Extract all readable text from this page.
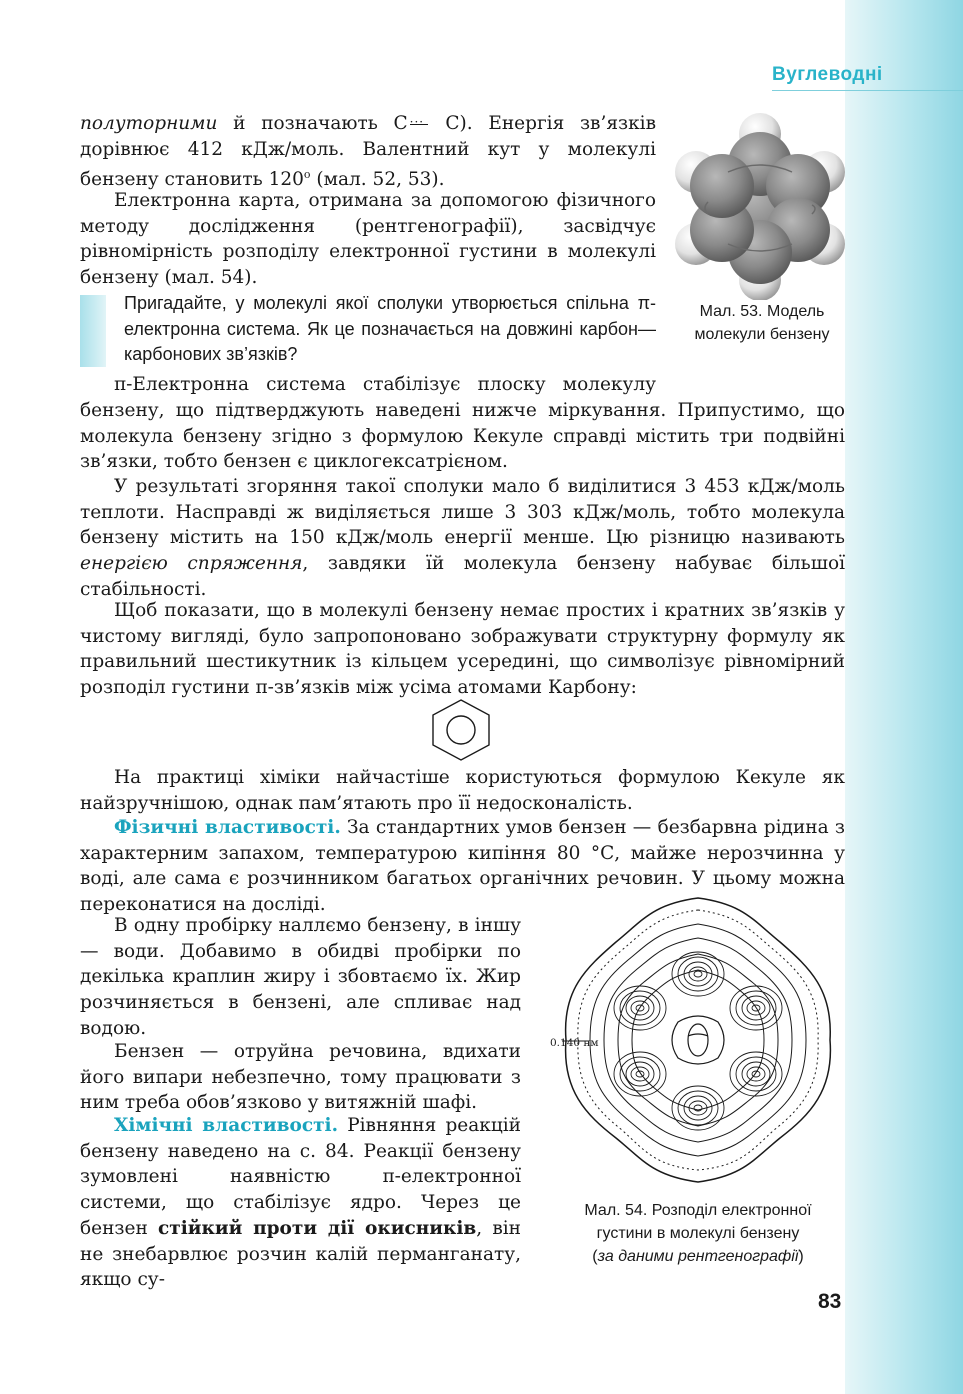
Вуглеводні
полуторними й позначають C ··· C). Енергія зв’язків дорівнює 412 кДж/моль. Валентний кут у молекулі бензену становить $120^о$ (мал. 52, 53).
Електронна карта, отримана за допомогою фізичного методу дослідження (рентгенографії), засвідчує рівномірність розподілу електронної густини в молекулі бензену (мал. 54).
Пригадайте, у молекулі якої сполуки утворюється спільна π-електронна система. Як це позначається на довжині карбон—карбонових зв’язків?
Мал. 53. Модель
молекули бензену
π-Електронна система стабілізує плоску молекулу
бензену, що підтверджують наведені нижче міркування. Припустимо, що молекула бензену згідно з формулою Кекуле справді містить три подвійні зв’язки, тобто бензен є циклогексатрієном.
У результаті згоряння такої сполуки мало б виділитися 3 453 кДж/моль теплоти. Насправді ж виділяється лише 3 303 кДж/моль, тобто молекула бензену містить на 150 кДж/моль енергії менше. Цю різницю називають енергією спряження, завдяки їй молекула бензену набуває більшої стабільності.
Щоб показати, що в молекулі бензену немає простих і кратних зв’язків у чистому вигляді, було запропоновано зображувати структурну формулу як правильний шестикутник із кільцем усередині, що символізує рівномірний розподіл густини π-зв’язків між усіма атомами Карбону:
На практиці хіміки найчастіше користуються формулою Кекуле як найзручнішою, однак пам’ятають про її недосконалість.
Фізичні властивості. За стандартних умов бензен — безбарвна рідина з характерним запахом, температурою кипіння 80 °С, майже нерозчинна у воді, але сама є розчинником багатьох органічних речовин. У цьому можна переконатися на досліді.
В одну пробірку наллємо бензену, в іншу — води. Добавимо в обидві пробірки по декілька краплин жиру і збовтаємо їх. Жир розчиняється в бензені, але спливає над водою.
Бензен — отруйна речовина, вдихати його випари небезпечно, тому працювати з ним треба обов’язково у витяжній шафі.
Хімічні властивості. Рівняння реакцій бензену наведено на с. 84. Реакції бензену зумовлені наявністю π-електронної системи, що стабілізує ядро. Через це бензен стійкий проти дії окисників, він не знебарвлює розчин калій перманганату, якщо су-
0.140 нм
Мал. 54. Розподіл електронної
густини в молекулі бензену
(за даними рентгенографії)
83
